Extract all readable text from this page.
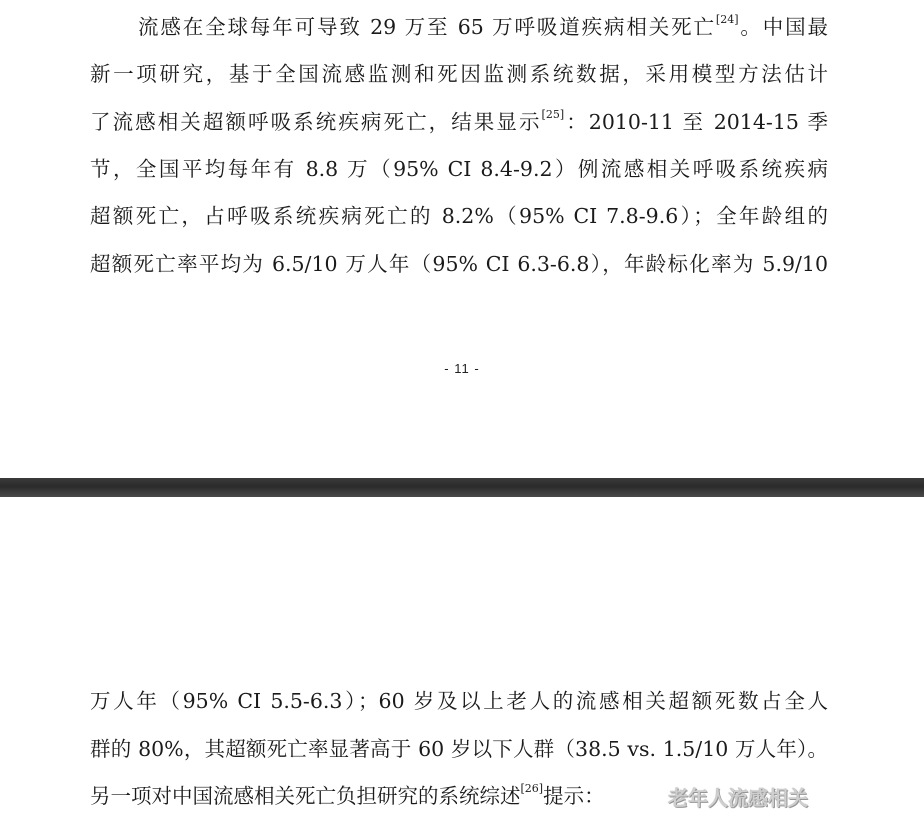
流感在全球每年可导致 29 万至 65 万呼吸道疾病相关死亡[24]。中国最
新一项研究，基于全国流感监测和死因监测系统数据，采用模型方法估计
了流感相关超额呼吸系统疾病死亡，结果显示[25]：2010-11 至 2014-15 季
节，全国平均每年有 8.8 万（95% CI 8.4-9.2）例流感相关呼吸系统疾病
超额死亡，占呼吸系统疾病死亡的 8.2%（95% CI 7.8-9.6）；全年龄组的
超额死亡率平均为 6.5/10 万人年（95% CI 6.3-6.8），年龄标化率为 5.9/10
- 11 -
万人年（95% CI 5.5-6.3）；60 岁及以上老人的流感相关超额死数占全人
群的 80%，其超额死亡率显著高于 60 岁以下人群（38.5 vs. 1.5/10 万人年）。
另一项对中国流感相关死亡负担研究的系统综述[26]提示：	老年人流感相关
